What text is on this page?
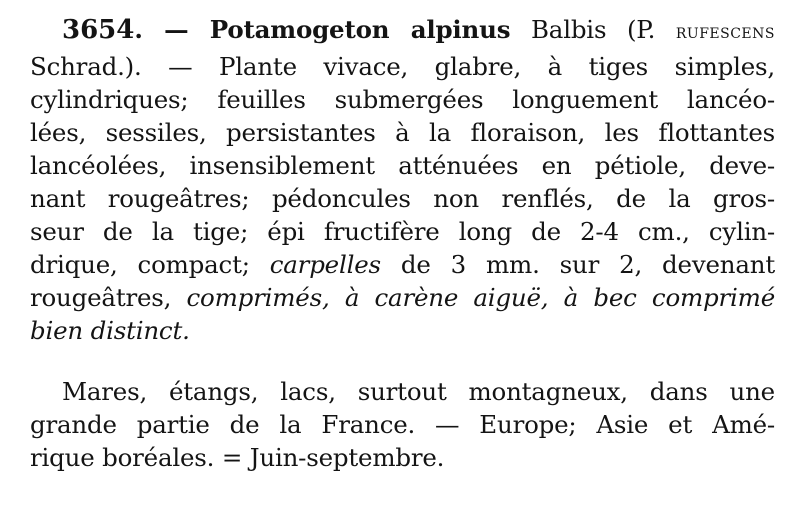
3654. — Potamogeton alpinus Balbis (P. rufescens
Schrad.). — Plante vivace, glabre, à tiges simples,
cylindriques; feuilles submergées longuement lancéo-
lées, sessiles, persistantes à la floraison, les flottantes
lancéolées, insensiblement atténuées en pétiole, deve-
nant rougeâtres; pédoncules non renflés, de la gros-
seur de la tige; épi fructifère long de 2-4 cm., cylin-
drique, compact; carpelles de 3 mm. sur 2, devenant
rougeâtres, comprimés, à carène aiguë, à bec comprimé
bien distinct.
Mares, étangs, lacs, surtout montagneux, dans une
grande partie de la France. — Europe; Asie et Amé-
rique boréales. = Juin-septembre.
